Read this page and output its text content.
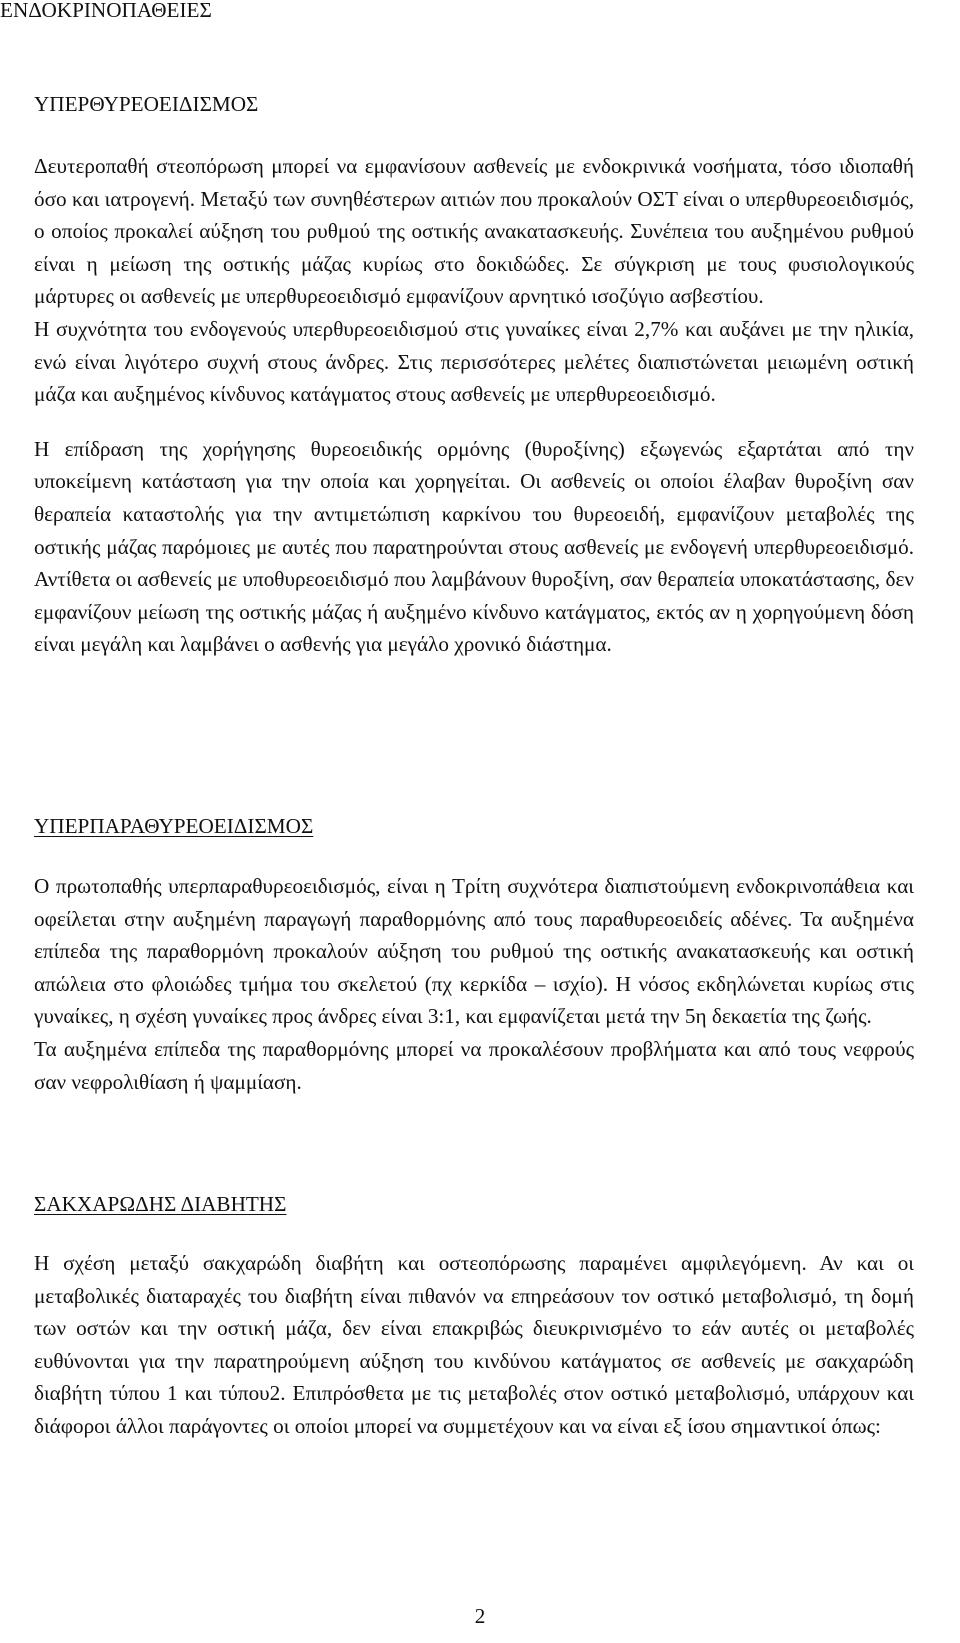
ΕΝΔΟΚΡΙΝΟΠΑΘΕΙΕΣ
ΥΠΕΡΘΥΡΕΟΕΙΔΙΣΜΟΣ

Δευτεροπαθή στεοπόρωση μπορεί να εμφανίσουν ασθενείς με ενδοκρινικά νοσήματα, τόσο ιδιοπαθή όσο και ιατρογενή. Μεταξύ των συνηθέστερων αιτιών που προκαλούν ΟΣΤ είναι ο υπερθυρεοειδισμός, ο οποίος προκαλεί αύξηση του ρυθμού της οστικής ανακατασκευής. Συνέπεια του αυξημένου ρυθμού είναι η μείωση της οστικής μάζας κυρίως στο δοκιδώδες. Σε σύγκριση με τους φυσιολογικούς μάρτυρες οι ασθενείς με υπερθυρεοειδισμό εμφανίζουν αρνητικό ισοζύγιο ασβεστίου.

Η συχνότητα του ενδογενούς υπερθυρεοειδισμού στις γυναίκες είναι 2,7% και αυξάνει με την ηλικία, ενώ είναι λιγότερο συχνή στους άνδρες. Στις περισσότερες μελέτες διαπιστώνεται μειωμένη οστική μάζα και αυξημένος κίνδυνος κατάγματος στους ασθενείς με υπερθυρεοειδισμό.

Η επίδραση της χορήγησης θυρεοειδικής ορμόνης (θυροξίνης) εξωγενώς εξαρτάται από την υποκείμενη κατάσταση για την οποία και χορηγείται. Οι ασθενείς οι οποίοι έλαβαν θυροξίνη σαν θεραπεία καταστολής για την αντιμετώπιση καρκίνου του θυρεοειδή, εμφανίζουν μεταβολές της οστικής μάζας παρόμοιες με αυτές που παρατηρούνται στους ασθενείς με ενδογενή υπερθυρεοειδισμό. Αντίθετα οι ασθενείς με υποθυρεοειδισμό που λαμβάνουν θυροξίνη, σαν θεραπεία υποκατάστασης, δεν εμφανίζουν μείωση της οστικής μάζας ή αυξημένο κίνδυνο κατάγματος, εκτός αν η χορηγούμενη δόση είναι μεγάλη και λαμβάνει ο ασθενής για μεγάλο χρονικό διάστημα.

ΥΠΕΡΠΑΡΑΘΥΡΕΟΕΙΔΙΣΜΟΣ

Ο πρωτοπαθής υπερπαραθυρεοειδισμός, είναι η Τρίτη συχνότερα διαπιστούμενη ενδοκρινοπάθεια και οφείλεται στην αυξημένη παραγωγή παραθορμόνης από τους παραθυρεοειδείς αδένες. Τα αυξημένα επίπεδα της παραθορμόνη προκαλούν αύξηση του ρυθμού της οστικής ανακατασκευής και οστική απώλεια στο φλοιώδες τμήμα του σκελετού (πχ κερκίδα – ισχίο). Η νόσος εκδηλώνεται κυρίως στις γυναίκες, η σχέση γυναίκες προς άνδρες είναι 3:1, και εμφανίζεται μετά την 5η δεκαετία της ζωής.

Τα αυξημένα επίπεδα της παραθορμόνης μπορεί να προκαλέσουν προβλήματα και από τους νεφρούς σαν νεφρολιθίαση ή ψαμμίαση.

ΣΑΚΧΑΡΩΔΗΣ ΔΙΑΒΗΤΗΣ

Η σχέση μεταξύ σακχαρώδη διαβήτη και οστεοπόρωσης παραμένει αμφιλεγόμενη. Αν και οι μεταβολικές διαταραχές του διαβήτη είναι πιθανόν να επηρεάσουν τον οστικό μεταβολισμό, τη δομή των οστών και την οστική μάζα, δεν είναι επακριβώς διευκρινισμένο το εάν αυτές οι μεταβολές ευθύνονται για την παρατηρούμενη αύξηση του κινδύνου κατάγματος σε ασθενείς με σακχαρώδη διαβήτη τύπου 1 και τύπου2. Επιπρόσθετα με τις μεταβολές στον οστικό μεταβολισμό, υπάρχουν και διάφοροι άλλοι παράγοντες οι οποίοι μπορεί να συμμετέχουν και να είναι εξ ίσου σημαντικοί όπως:

2
